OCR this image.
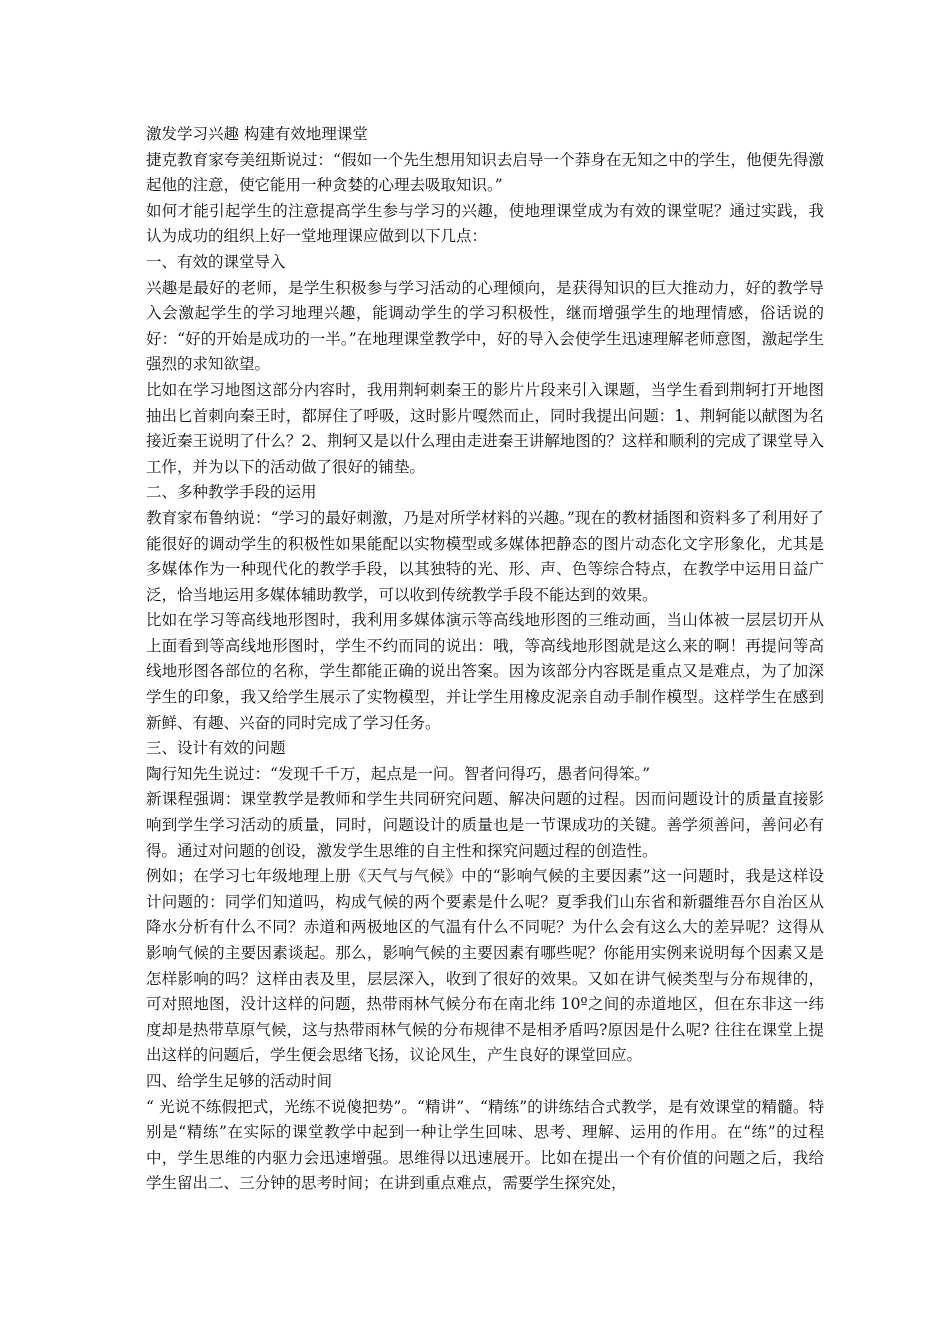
激发学习兴趣 构建有效地理课堂

捷克教育家夸美纽斯说过：“假如一个先生想用知识去启导一个莽身在无知之中的学生，他便先得激起他的注意，使它能用一种贪婪的心理去吸取知识。”

如何才能引起学生的注意提高学生参与学习的兴趣，使地理课堂成为有效的课堂呢？通过实践，我认为成功的组织上好一堂地理课应做到以下几点：

一、有效的课堂导入

兴趣是最好的老师，是学生积极参与学习活动的心理倾向，是获得知识的巨大推动力，好的教学导入会激起学生的学习地理兴趣，能调动学生的学习积极性，继而增强学生的地理情感，俗话说的好：“好的开始是成功的一半。”在地理课堂教学中，好的导入会使学生迅速理解老师意图，激起学生强烈的求知欲望。

比如在学习地图这部分内容时，我用荆轲刺秦王的影片片段来引入课题，当学生看到荆轲打开地图抽出匕首刺向秦王时，都屏住了呼吸，这时影片嘎然而止，同时我提出问题：1、荆轲能以献图为名接近秦王说明了什么？2、荆轲又是以什么理由走进秦王讲解地图的？这样和顺利的完成了课堂导入工作，并为以下的活动做了很好的铺垫。

二、多种教学手段的运用

教育家布鲁纳说：“学习的最好刺激，乃是对所学材料的兴趣。”现在的教材插图和资料多了利用好了能很好的调动学生的积极性如果能配以实物模型或多媒体把静态的图片动态化文字形象化，尤其是多媒体作为一种现代化的教学手段，以其独特的光、形、声、色等综合特点，在教学中运用日益广泛，恰当地运用多媒体辅助教学，可以收到传统教学手段不能达到的效果。

比如在学习等高线地形图时，我利用多媒体演示等高线地形图的三维动画，当山体被一层层切开从上面看到等高线地形图时，学生不约而同的说出：哦，等高线地形图就是这么来的啊！再提问等高线地形图各部位的名称，学生都能正确的说出答案。因为该部分内容既是重点又是难点，为了加深学生的印象，我又给学生展示了实物模型，并让学生用橡皮泥亲自动手制作模型。这样学生在感到新鲜、有趣、兴奋的同时完成了学习任务。

三、设计有效的问题

陶行知先生说过：“发现千千万，起点是一问。智者问得巧，愚者问得笨。”

新课程强调：课堂教学是教师和学生共同研究问题、解决问题的过程。因而问题设计的质量直接影响到学生学习活动的质量，同时，问题设计的质量也是一节课成功的关键。善学须善问，善问必有得。通过对问题的创设，激发学生思维的自主性和探究问题过程的创造性。

例如；在学习七年级地理上册《天气与气候》中的“影响气候的主要因素”这一问题时，我是这样设计问题的：同学们知道吗，构成气候的两个要素是什么呢？夏季我们山东省和新疆维吾尔自治区从降水分析有什么不同？赤道和两极地区的气温有什么不同呢？为什么会有这么大的差异呢？这得从影响气候的主要因素谈起。那么，影响气候的主要因素有哪些呢？你能用实例来说明每个因素又是怎样影响的吗？这样由表及里，层层深入，收到了很好的效果。又如在讲气候类型与分布规律的，可对照地图，没计这样的问题，热带雨林气候分布在南北纬 10º之间的赤道地区，但在东非这一纬度却是热带草原气候，这与热带雨林气候的分布规律不是相矛盾吗?原因是什么呢? 往往在课堂上提出这样的问题后，学生便会思绪飞扬，议论风生，产生良好的课堂回应。

四、给学生足够的活动时间

“ 光说不练假把式，光练不说傻把势”。“精讲”、“精练”的讲练结合式教学，是有效课堂的精髓。特别是“精练”在实际的课堂教学中起到一种让学生回味、思考、理解、运用的作用。在“练”的过程中，学生思维的内驱力会迅速增强。思维得以迅速展开。比如在提出一个有价值的问题之后，我给学生留出二、三分钟的思考时间；在讲到重点难点，需要学生探究处，
